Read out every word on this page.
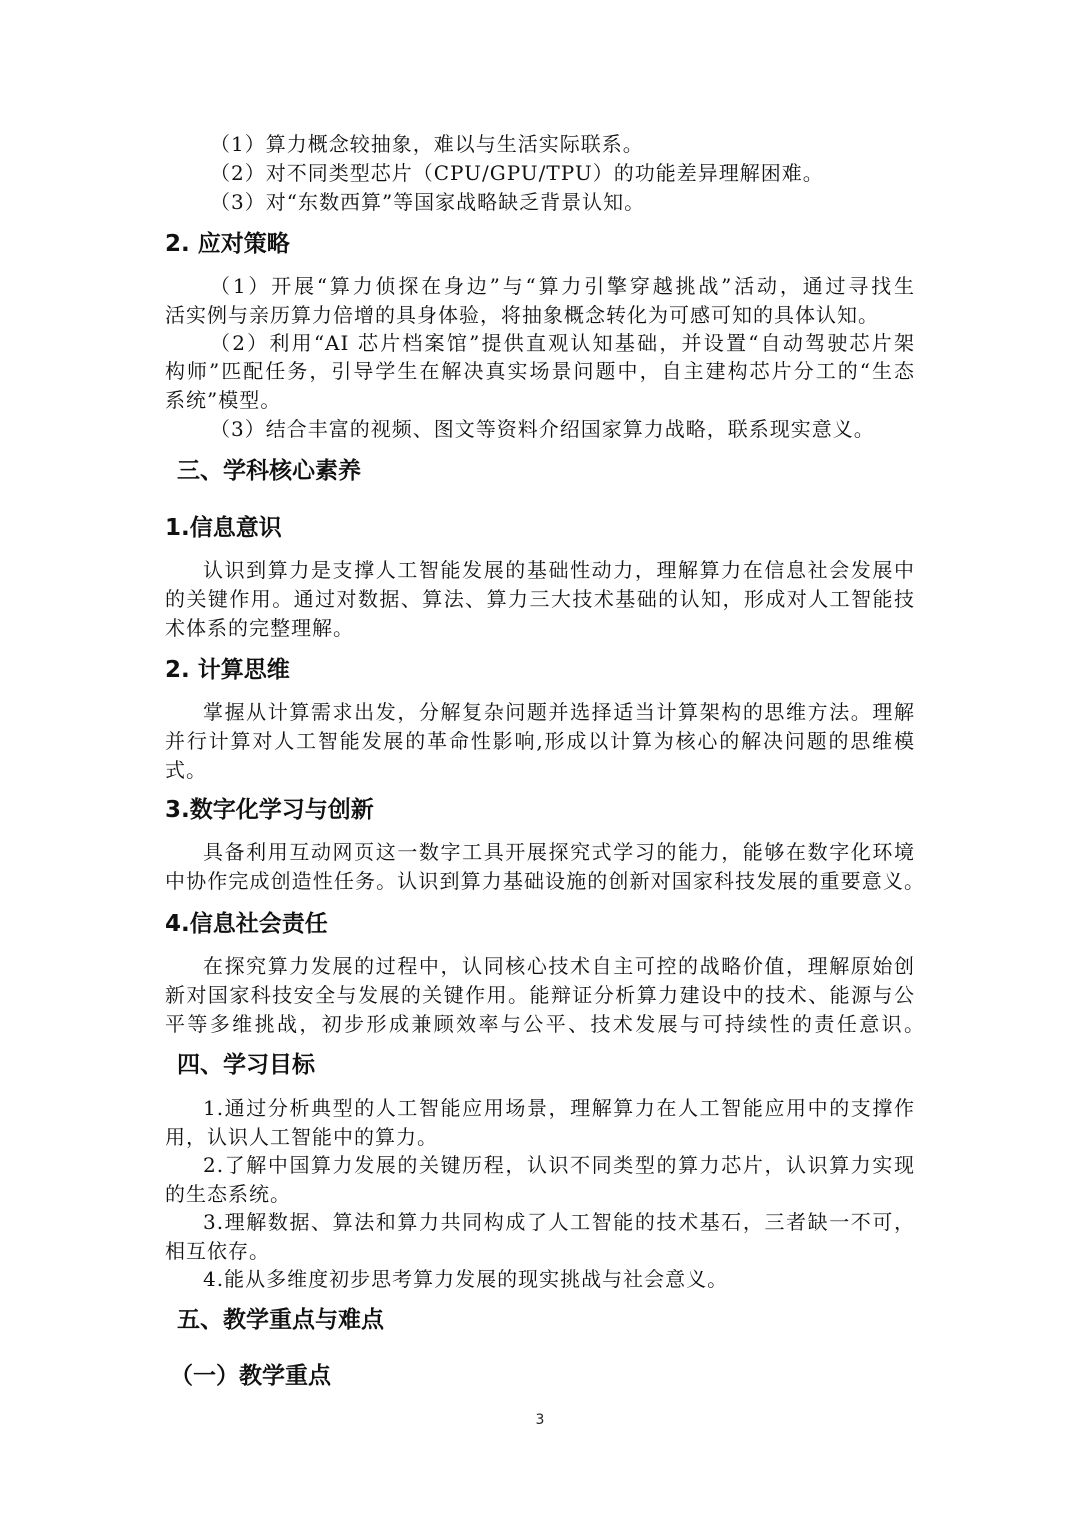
（1）算力概念较抽象，难以与生活实际联系。
（2）对不同类型芯片（CPU/GPU/TPU）的功能差异理解困难。
（3）对“东数西算”等国家战略缺乏背景认知。
2. 应对策略
（1）开展“算力侦探在身边”与“算力引擎穿越挑战”活动，通过寻找生
活实例与亲历算力倍增的具身体验，将抽象概念转化为可感可知的具体认知。
（2）利用“AI 芯片档案馆”提供直观认知基础，并设置“自动驾驶芯片架
构师”匹配任务，引导学生在解决真实场景问题中，自主建构芯片分工的“生态
系统”模型。
（3）结合丰富的视频、图文等资料介绍国家算力战略，联系现实意义。
三、学科核心素养
1.信息意识
认识到算力是支撑人工智能发展的基础性动力，理解算力在信息社会发展中
的关键作用。通过对数据、算法、算力三大技术基础的认知，形成对人工智能技
术体系的完整理解。
2. 计算思维
掌握从计算需求出发，分解复杂问题并选择适当计算架构的思维方法。理解
并行计算对人工智能发展的革命性影响,形成以计算为核心的解决问题的思维模
式。
3.数字化学习与创新
具备利用互动网页这一数字工具开展探究式学习的能力，能够在数字化环境
中协作完成创造性任务。认识到算力基础设施的创新对国家科技发展的重要意义。
4.信息社会责任
在探究算力发展的过程中，认同核心技术自主可控的战略价值，理解原始创
新对国家科技安全与发展的关键作用。能辩证分析算力建设中的技术、能源与公
平等多维挑战，初步形成兼顾效率与公平、技术发展与可持续性的责任意识。
四、学习目标
1.通过分析典型的人工智能应用场景，理解算力在人工智能应用中的支撑作
用，认识人工智能中的算力。
2.了解中国算力发展的关键历程，认识不同类型的算力芯片，认识算力实现
的生态系统。
3.理解数据、算法和算力共同构成了人工智能的技术基石，三者缺一不可，
相互依存。
4.能从多维度初步思考算力发展的现实挑战与社会意义。
五、教学重点与难点
（一）教学重点
3
